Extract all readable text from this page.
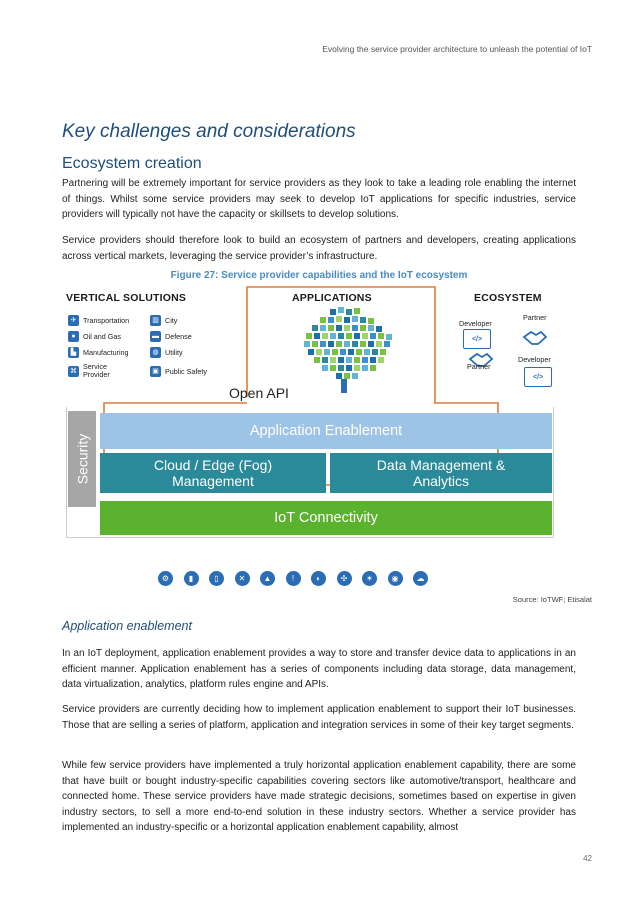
Evolving the service provider architecture to unleash the potential of IoT
Key challenges and considerations
Ecosystem creation
Partnering will be extremely important for service providers as they look to take a leading role enabling the internet of things. Whilst some service providers may seek to develop IoT applications for specific industries, service providers will typically not have the capacity or skillsets to develop solutions.
Service providers should therefore look to build an ecosystem of partners and developers, creating applications across vertical markets, leveraging the service provider’s infrastructure.
Figure 27: Service provider capabilities and the IoT ecosystem
VERTICAL SOLUTIONS
✈ Transportation	▥ City
●	Oil and Gas	▬ Defense
▙ Manufacturing	◍ Utility
⌘ Service Provider	▣ Public Safety
APPLICATIONS
Open API
ECOSYSTEM
Developer
</>
Partner
Partner
Developer
</>
Security
Application Enablement
Cloud / Edge (Fog) Management
Data Management & Analytics
IoT Connectivity
⚙	▮	▯	✕	▲	!	◐	✣	✶	◉	☁
Source: IoTWF; Etisalat
Application enablement
In an IoT deployment, application enablement provides a way to store and transfer device data to applications in an efficient manner. Application enablement has a series of components including data storage, data management, data virtualization, analytics, platform rules engine and APIs.
Service providers are currently deciding how to implement application enablement to support their IoT businesses. Those that are selling a series of platform, application and integration services in some of their key target segments.
While few service providers have implemented a truly horizontal application enablement capability, there are some that have built or bought industry-specific capabilities covering sectors like automotive/transport, healthcare and connected home. These service providers have made strategic decisions, sometimes based on expertise in given industry sectors, to sell a more end-to-end solution in these industry sectors. Whether a service provider has implemented an industry-specific or a horizontal application enablement capability, almost
42
